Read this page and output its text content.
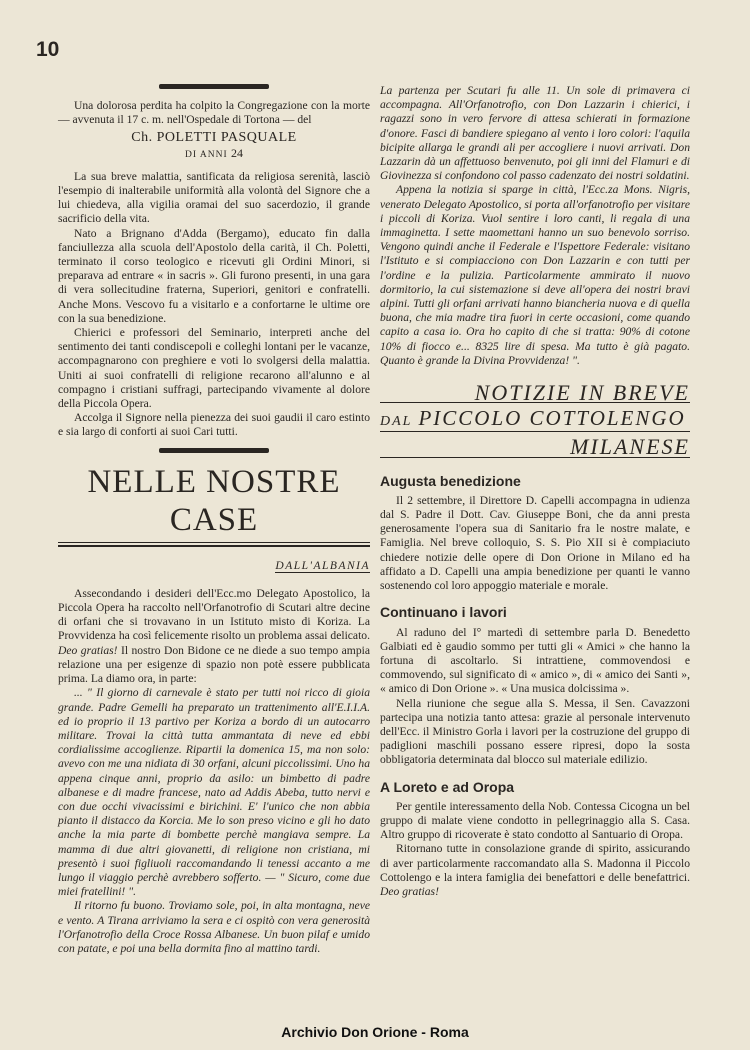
10

Una dolorosa perdita ha colpito la Congregazione con la morte — avvenuta il 17 c. m. nell'Ospedale di Tortona — del

Ch. POLETTI PASQUALE
DI ANNI 24

La sua breve malattia, santificata da religiosa serenità, lasciò l'esempio di inalterabile uniformità alla volontà del Signore che a lui chiedeva, alla vigilia oramai del suo sacerdozio, il grande sacrificio della vita.

Nato a Brignano d'Adda (Bergamo), educato fin dalla fanciullezza alla scuola dell'Apostolo della carità, il Ch. Poletti, terminato il corso teologico e ricevuti gli Ordini Minori, si preparava ad entrare « in sacris ». Gli furono presenti, in una gara di vera sollecitudine fraterna, Superiori, genitori e confratelli. Anche Mons. Vescovo fu a visitarlo e a confortarne le ultime ore con la sua benedizione.

Chierici e professori del Seminario, interpreti anche del sentimento dei tanti condiscepoli e colleghi lontani per le vacanze, accompagnarono con preghiere e voti lo svolgersi della malattia. Uniti ai suoi confratelli di religione recarono all'alunno e al compagno i cristiani suffragi, partecipando vivamente al dolore della Piccola Opera.

Accolga il Signore nella pienezza dei suoi gaudii il caro estinto e sia largo di conforti ai suoi Cari tutti.

NELLE NOSTRE CASE
DALL'ALBANIA

Assecondando i desideri dell'Ecc.mo Delegato Apostolico, la Piccola Opera ha raccolto nell'Orfanotrofio di Scutari altre decine di orfani che si trovavano in un Istituto misto di Koriza. La Provvidenza ha così felicemente risolto un problema assai delicato. Deo gratias! Il nostro Don Bidone ce ne diede a suo tempo ampia relazione una per esigenze di spazio non potè essere pubblicata prima. La diamo ora, in parte:

... " Il giorno di carnevale è stato per tutti noi ricco di gioia grande. Padre Gemelli ha preparato un trattenimento all'E.I.I.A. ed io proprio il 13 partivo per Koriza a bordo di un autocarro militare. Trovai la città tutta ammantata di neve ed ebbi cordialissime accoglienze. Ripartii la domenica 15, ma non solo: avevo con me una nidiata di 30 orfani, alcuni piccolissimi. Uno ha appena cinque anni, proprio da asilo: un bimbetto di padre albanese e di madre francese, nato ad Addis Abeba, tutto nervi e con due occhi vivacissimi e birichini. E' l'unico che non abbia pianto il distacco da Korcia. Me lo son preso vicino e gli ho dato anche la mia parte di bombette perchè mangiava sempre. La mamma di due altri giovanetti, di religione non cristiana, mi presentò i suoi figliuoli raccomandando li tenessi accanto a me lungo il viaggio perchè avrebbero sofferto. — " Sicuro, come due miei fratellini! ".

Il ritorno fu buono. Troviamo sole, poi, in alta montagna, neve e vento. A Tirana arriviamo la sera e ci ospitò con vera generosità l'Orfanotrofio della Croce Rossa Albanese. Un buon pilaf e umido con patate, e poi una bella dormita fino al mattino tardi.

La partenza per Scutari fu alle 11. Un sole di primavera ci accompagna. All'Orfanotrofio, con Don Lazzarin i chierici, i ragazzi sono in vero fervore di attesa schierati in formazione d'onore. Fasci di bandiere spiegano al vento i loro colori: l'aquila bicipite allarga le grandi ali per accogliere i nuovi arrivati. Don Lazzarin dà un affettuoso benvenuto, poi gli inni del Flamuri e di Giovinezza si confondono col passo cadenzato dei nostri soldatini.

Appena la notizia si sparge in città, l'Ecc.za Mons. Nigris, venerato Delegato Apostolico, si porta all'orfanotrofio per visitare i piccoli di Koriza. Vuol sentire i loro canti, li regala di una immaginetta. I sette maomettani hanno un suo benevolo sorriso. Vengono quindi anche il Federale e l'Ispettore Federale: visitano l'Istituto e si compiacciono con Don Lazzarin e con tutti per l'ordine e la pulizia. Particolarmente ammirato il nuovo dormitorio, la cui sistemazione si deve all'opera dei nostri bravi alpini. Tutti gli orfani arrivati hanno biancheria nuova e di quella buona, che mia madre tira fuori in certe occasioni, come quando capito a casa io. Ora ho capito di che si tratta: 90% di cotone 10% di fiocco e... 8325 lire di spesa. Ma tutto è già pagato. Quanto è grande la Divina Provvidenza! ".

NOTIZIE IN BREVE
DAL PICCOLO COTTOLENGO
MILANESE
Augusta benedizione

Il 2 settembre, il Direttore D. Capelli accompagna in udienza dal S. Padre il Dott. Cav. Giuseppe Boni, che da anni presta generosamente l'opera sua di Sanitario fra le nostre malate, e Famiglia. Nel breve colloquio, S. S. Pio XII si è compiaciuto chiedere notizie delle opere di Don Orione in Milano ed ha affidato a D. Capelli una ampia benedizione per quanti le vanno sostenendo col loro appoggio materiale e morale.

Continuano i lavori

Al raduno del I° martedì di settembre parla D. Benedetto Galbiati ed è gaudio sommo per tutti gli « Amici » che hanno la fortuna di ascoltarlo. Si intrattiene, commovendosi e commovendo, sul significato di « amico », di « amico dei Santi », « amico di Don Orione ». « Una musica dolcissima ».

Nella riunione che segue alla S. Messa, il Sen. Cavazzoni partecipa una notizia tanto attesa: grazie al personale intervenuto dell'Ecc. il Ministro Gorla i lavori per la costruzione del gruppo di padiglioni maschili possano essere ripresi, dopo la sosta obbligatoria determinata dal blocco sul materiale edilizio.

A Loreto e ad Oropa

Per gentile interessamento della Nob. Contessa Cicogna un bel gruppo di malate viene condotto in pellegrinaggio alla S. Casa. Altro gruppo di ricoverate è stato condotto al Santuario di Oropa.

Ritornano tutte in consolazione grande di spirito, assicurando di aver particolarmente raccomandato alla S. Madonna il Piccolo Cottolengo e la intera famiglia dei benefattori e delle benefattrici. Deo gratias!

Archivio Don Orione - Roma
